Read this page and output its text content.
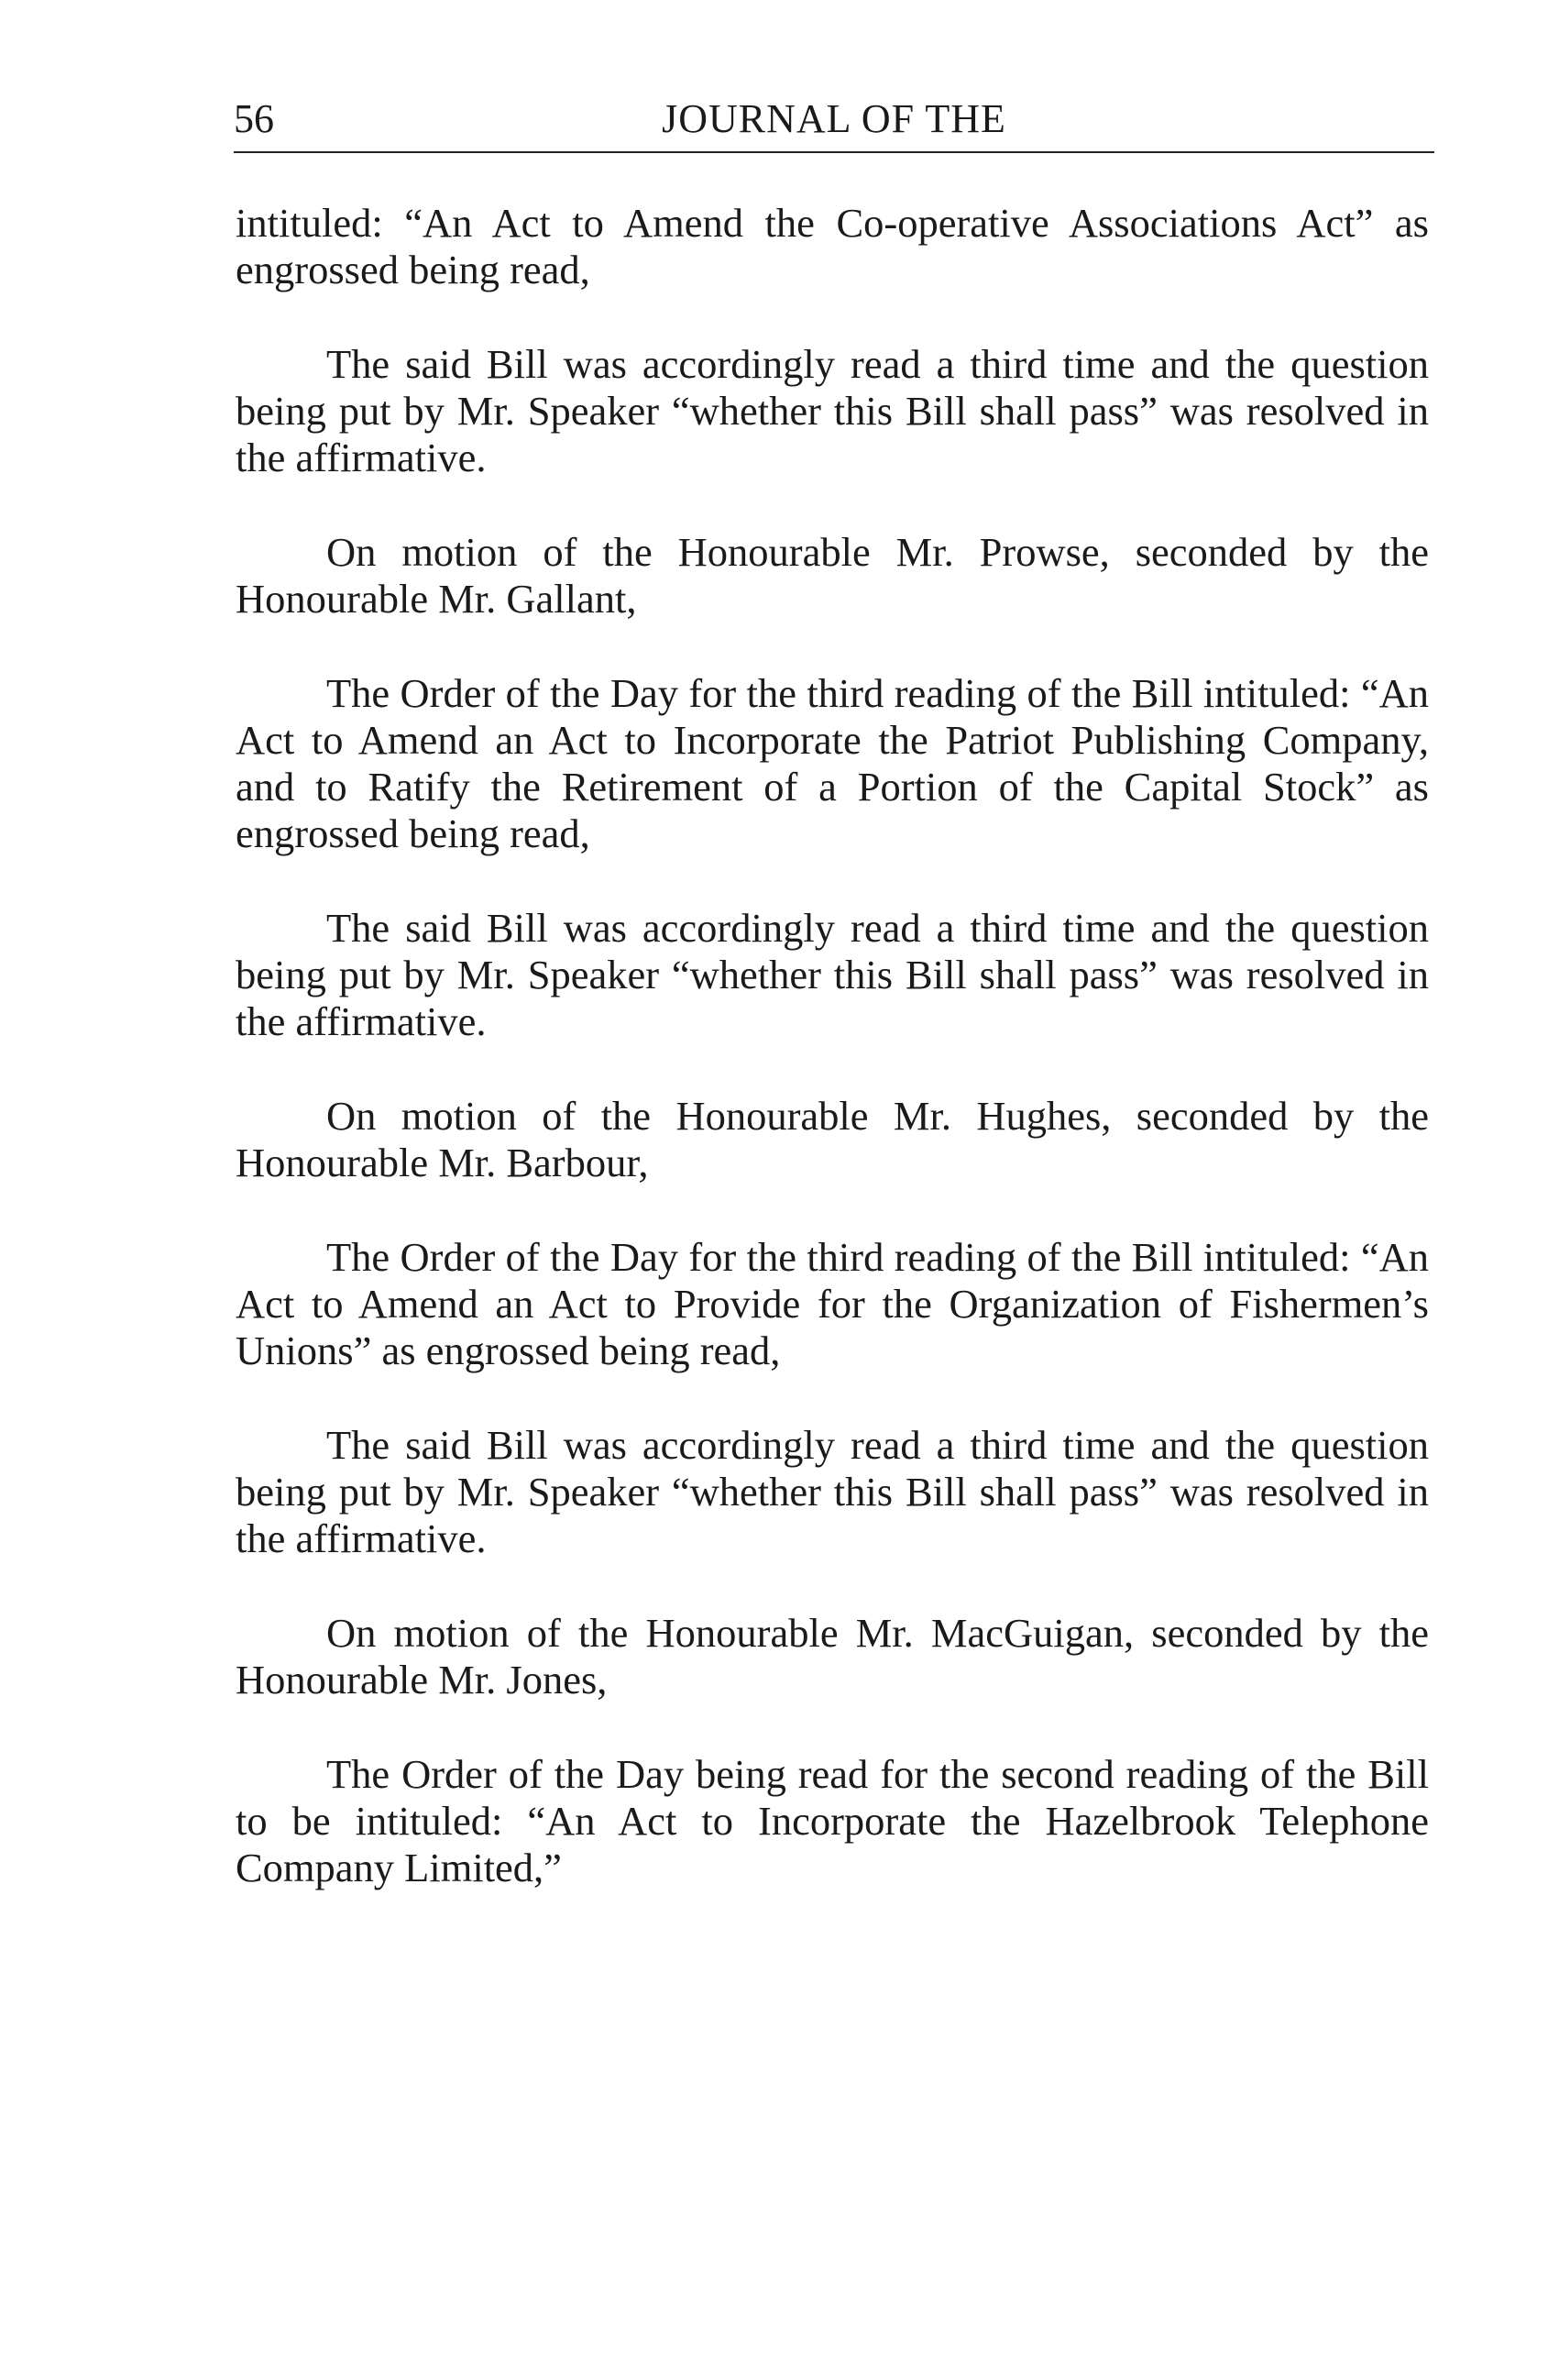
56	JOURNAL OF THE

intituled: “An Act to Amend the Co-operative Associations Act” as engrossed being read,

The said Bill was accordingly read a third time and the question being put by Mr. Speaker “whether this Bill shall pass” was resolved in the affirmative.

On motion of the Honourable Mr. Prowse, seconded by the Honourable Mr. Gallant,

The Order of the Day for the third reading of the Bill intituled: “An Act to Amend an Act to Incorporate the Patriot Publishing Company, and to Ratify the Retirement of a Portion of the Capital Stock” as engrossed being read,

The said Bill was accordingly read a third time and the question being put by Mr. Speaker “whether this Bill shall pass” was resolved in the affirmative.

On motion of the Honourable Mr. Hughes, seconded by the Honourable Mr. Barbour,

The Order of the Day for the third reading of the Bill intituled: “An Act to Amend an Act to Provide for the Organization of Fishermen’s Unions” as engrossed being read,

The said Bill was accordingly read a third time and the question being put by Mr. Speaker “whether this Bill shall pass” was resolved in the affirmative.

On motion of the Honourable Mr. MacGuigan, seconded by the Honourable Mr. Jones,

The Order of the Day being read for the second reading of the Bill to be intituled: “An Act to Incorporate the Hazelbrook Telephone Company Limited,”
